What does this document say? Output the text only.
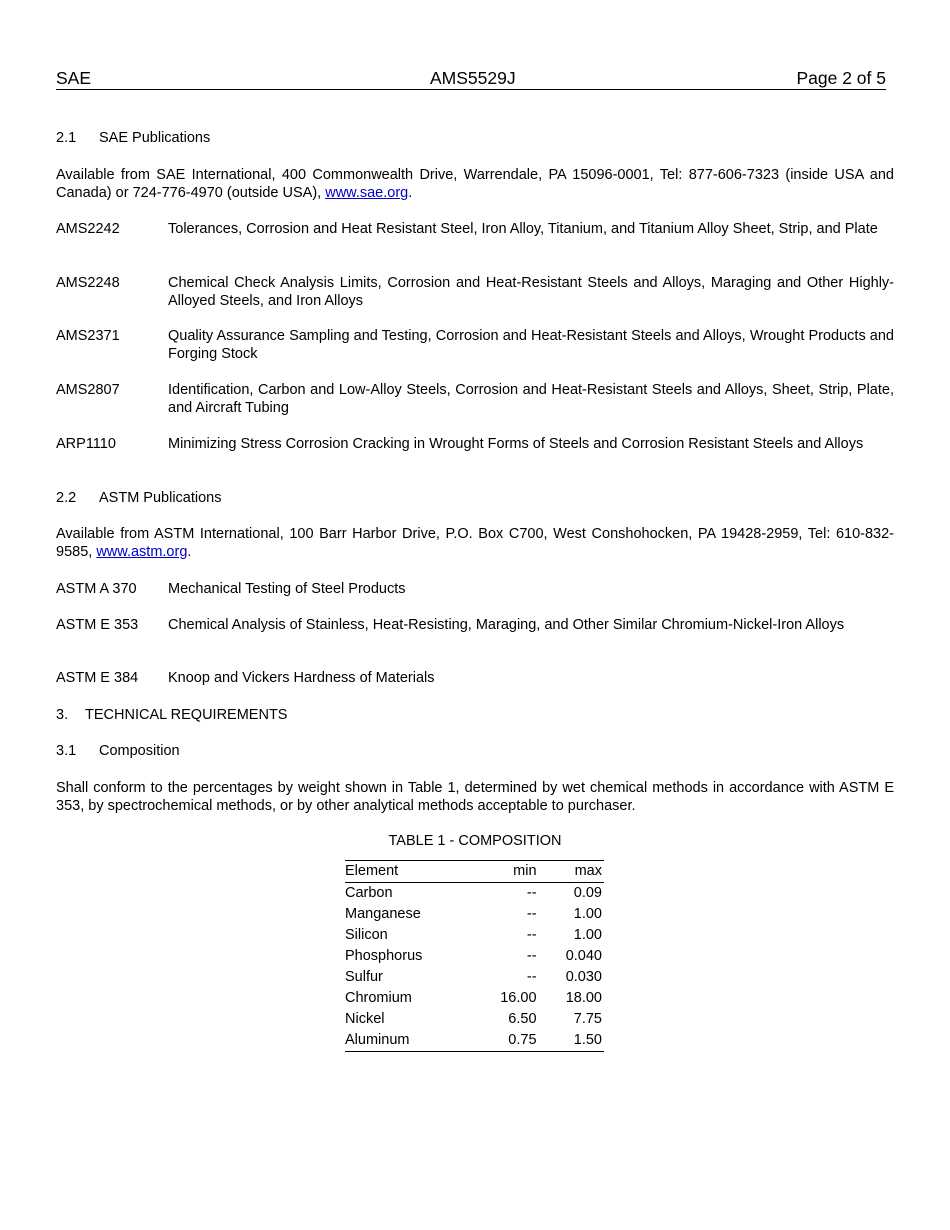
SAE	AMS5529J	Page 2 of 5
2.1 SAE Publications
Available from SAE International, 400 Commonwealth Drive, Warrendale, PA 15096-0001, Tel: 877-606-7323 (inside USA and Canada) or 724-776-4970 (outside USA), www.sae.org.
AMS2242	Tolerances, Corrosion and Heat Resistant Steel, Iron Alloy, Titanium, and Titanium Alloy Sheet, Strip, and Plate
AMS2248	Chemical Check Analysis Limits, Corrosion and Heat-Resistant Steels and Alloys, Maraging and Other Highly-Alloyed Steels, and Iron Alloys
AMS2371	Quality Assurance Sampling and Testing, Corrosion and Heat-Resistant Steels and Alloys, Wrought Products and Forging Stock
AMS2807	Identification, Carbon and Low-Alloy Steels, Corrosion and Heat-Resistant Steels and Alloys, Sheet, Strip, Plate, and Aircraft Tubing
ARP1110	Minimizing Stress Corrosion Cracking in Wrought Forms of Steels and Corrosion Resistant Steels and Alloys
2.2 ASTM Publications
Available from ASTM International, 100 Barr Harbor Drive, P.O. Box C700, West Conshohocken, PA 19428-2959, Tel: 610-832-9585, www.astm.org.
ASTM A 370	Mechanical Testing of Steel Products
ASTM E 353	Chemical Analysis of Stainless, Heat-Resisting, Maraging, and Other Similar Chromium-Nickel-Iron Alloys
ASTM E 384	Knoop and Vickers Hardness of Materials
3. TECHNICAL REQUIREMENTS
3.1 Composition
Shall conform to the percentages by weight shown in Table 1, determined by wet chemical methods in accordance with ASTM E 353, by spectrochemical methods, or by other analytical methods acceptable to purchaser.
TABLE 1 - COMPOSITION
Element	min	max
Carbon	--	0.09
Manganese	--	1.00
Silicon	--	1.00
Phosphorus	--	0.040
Sulfur	--	0.030
Chromium	16.00	18.00
Nickel	6.50	7.75
Aluminum	0.75	1.50
